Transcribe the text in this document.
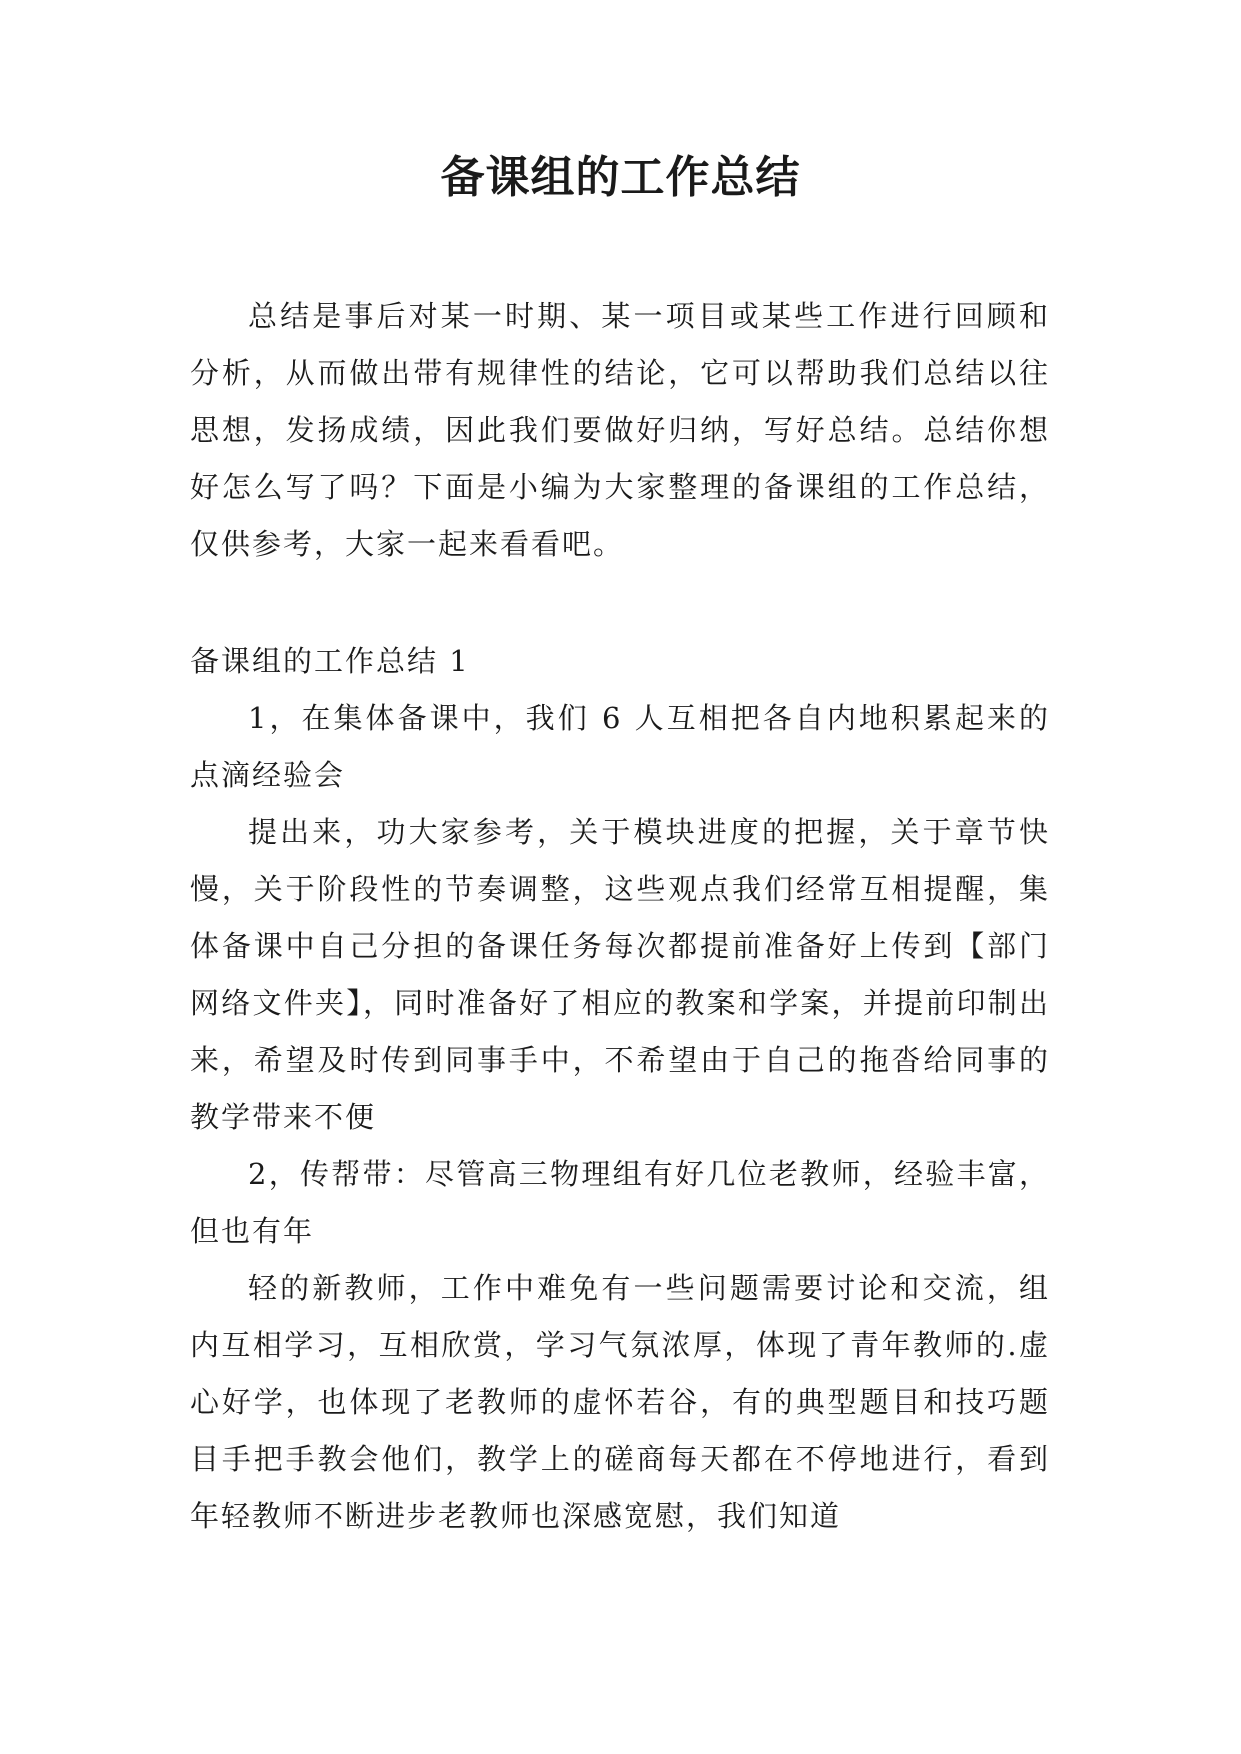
备课组的工作总结

总结是事后对某一时期、某一项目或某些工作进行回顾和分析，从而做出带有规律性的结论，它可以帮助我们总结以往思想，发扬成绩，因此我们要做好归纳，写好总结。总结你想好怎么写了吗？下面是小编为大家整理的备课组的工作总结，仅供参考，大家一起来看看吧。

备课组的工作总结 1

1，在集体备课中，我们 6 人互相把各自内地积累起来的点滴经验会

提出来，功大家参考，关于模块进度的把握，关于章节快慢，关于阶段性的节奏调整，这些观点我们经常互相提醒，集体备课中自己分担的备课任务每次都提前准备好上传到【部门网络文件夹】，同时准备好了相应的教案和学案，并提前印制出来，希望及时传到同事手中，不希望由于自己的拖沓给同事的教学带来不便

2，传帮带：尽管高三物理组有好几位老教师，经验丰富，但也有年

轻的新教师，工作中难免有一些问题需要讨论和交流，组内互相学习，互相欣赏，学习气氛浓厚，体现了青年教师的.虚心好学，也体现了老教师的虚怀若谷，有的典型题目和技巧题目手把手教会他们，教学上的磋商每天都在不停地进行，看到年轻教师不断进步老教师也深感宽慰，我们知道
